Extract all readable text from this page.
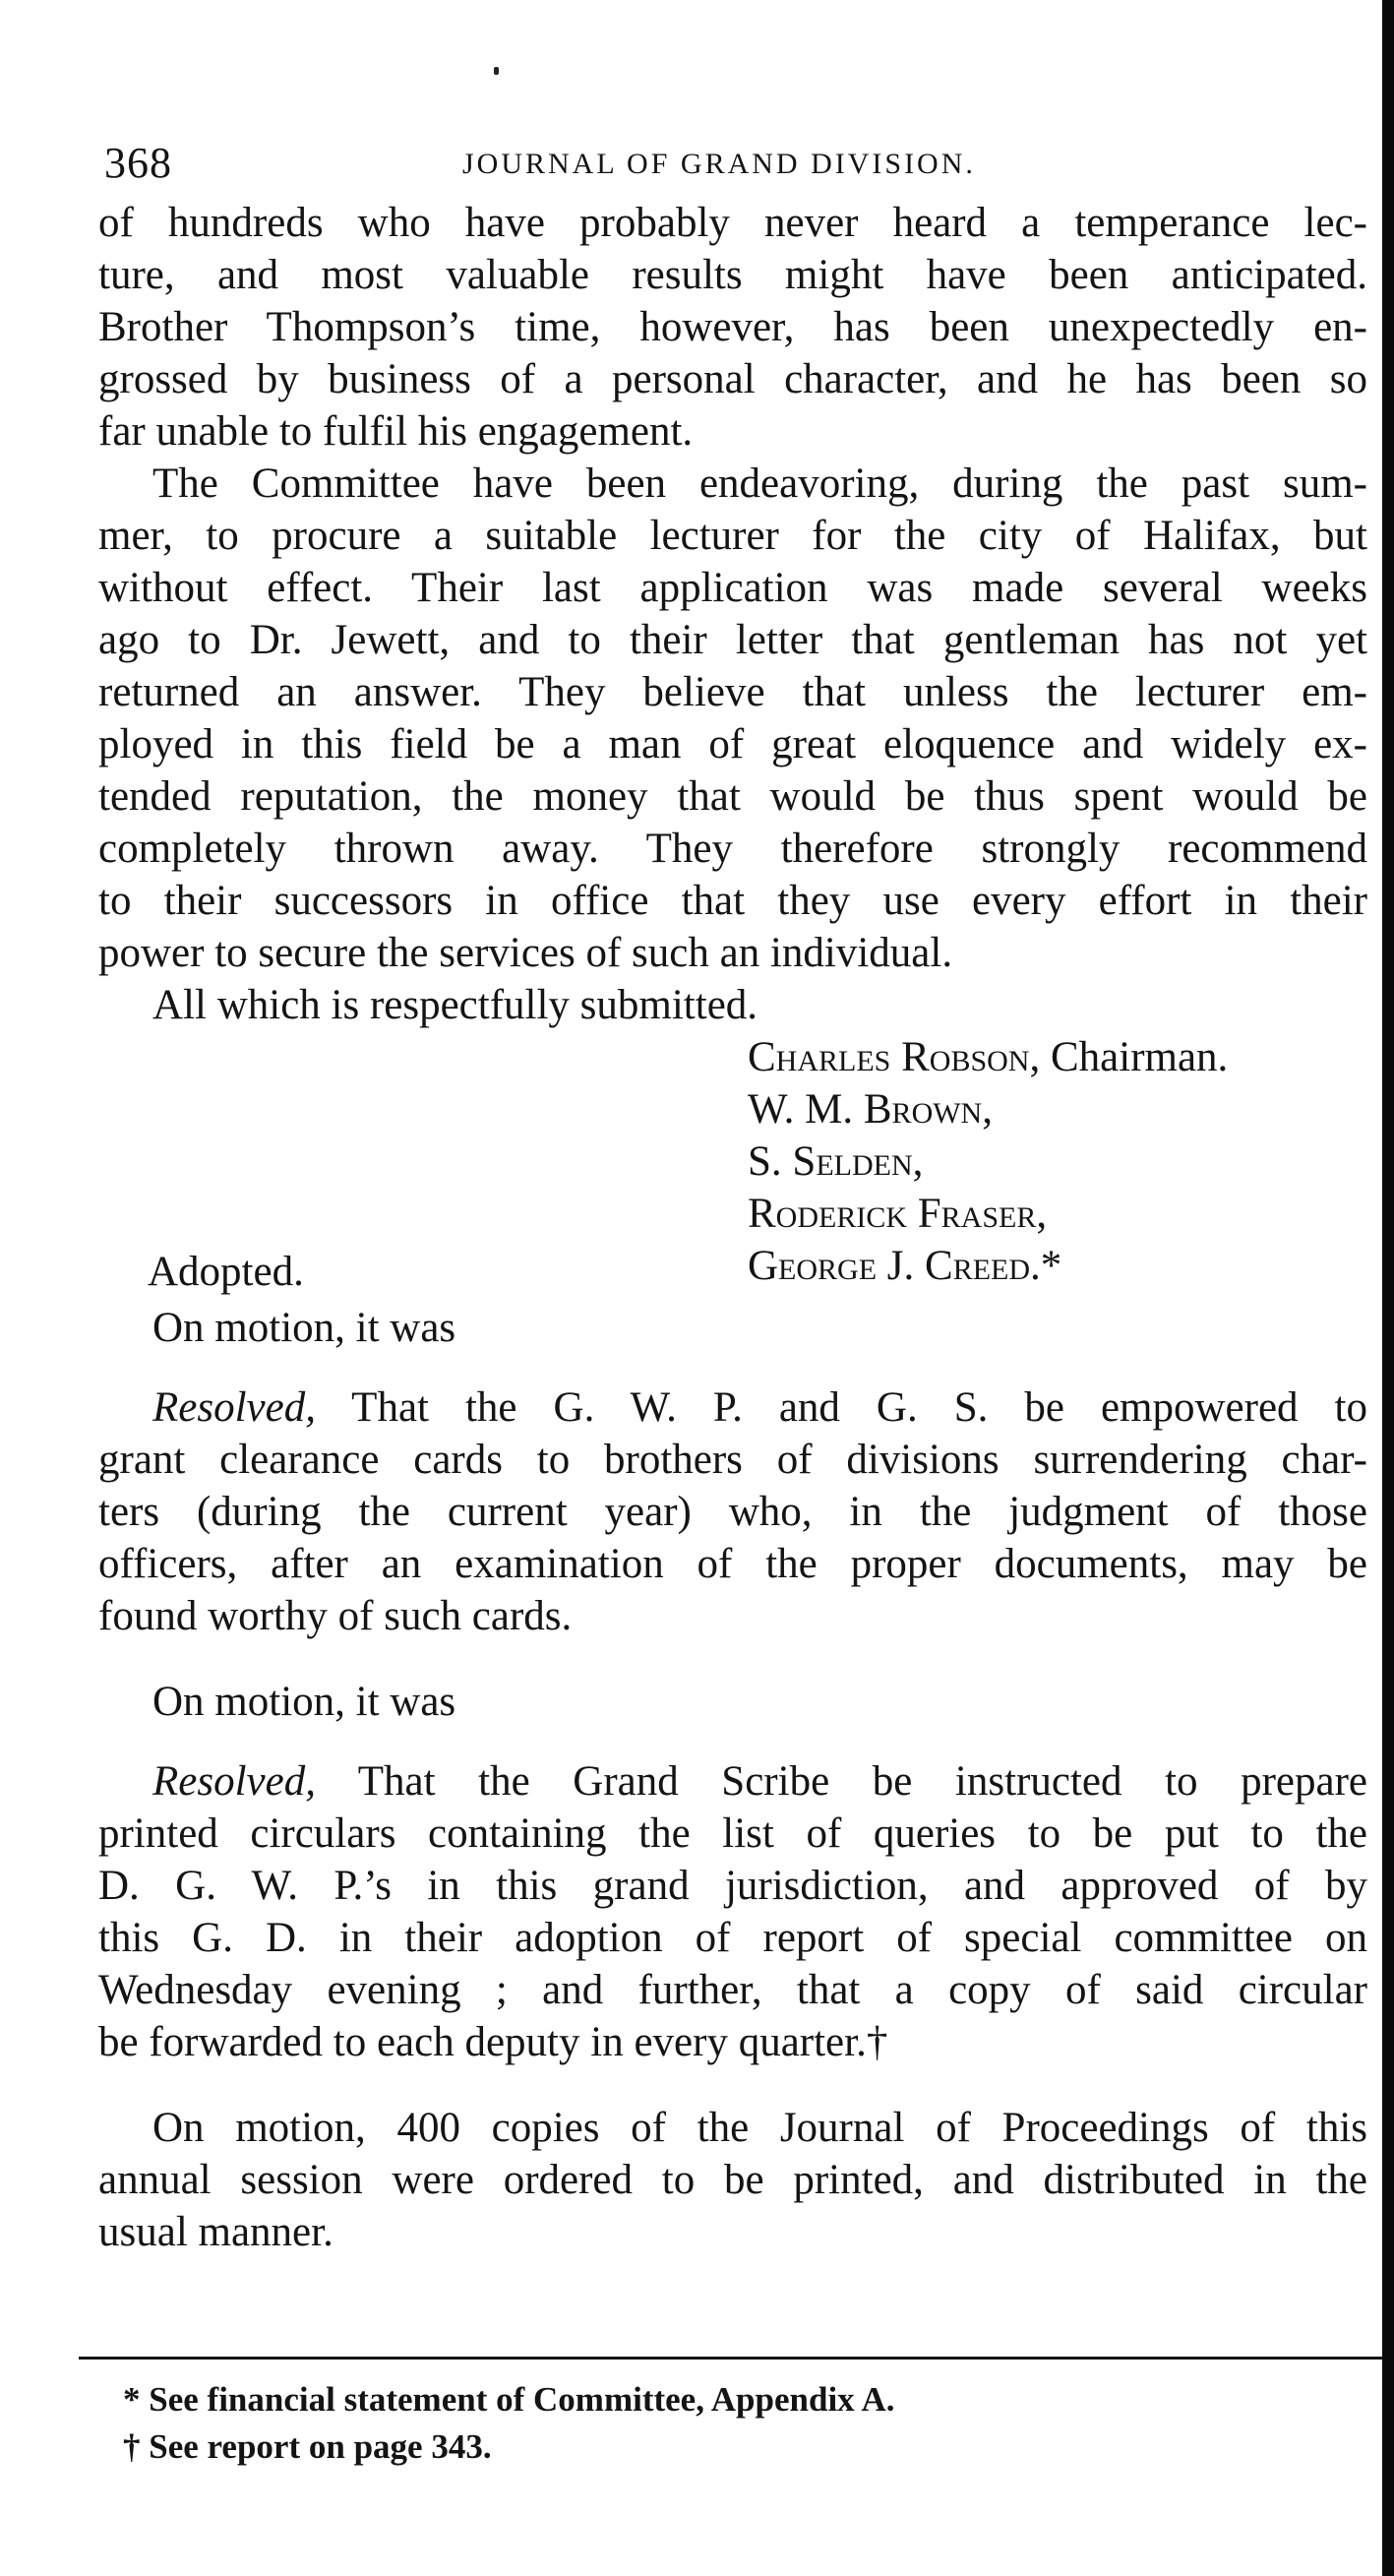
368	JOURNAL OF GRAND DIVISION.
of hundreds who have probably never heard a temperance lec-
ture, and most valuable results might have been anticipated.
Brother Thompson’s time, however, has been unexpectedly en-
grossed by business of a personal character, and he has been so
far unable to fulfil his engagement.
The Committee have been endeavoring, during the past sum-
mer, to procure a suitable lecturer for the city of Halifax, but
without effect. Their last application was made several weeks
ago to Dr. Jewett, and to their letter that gentleman has not yet
returned an answer. They believe that unless the lecturer em-
ployed in this field be a man of great eloquence and widely ex-
tended reputation, the money that would be thus spent would be
completely thrown away. They therefore strongly recommend
to their successors in office that they use every effort in their
power to secure the services of such an individual.
All which is respectfully submitted.
Charles Robson, Chairman.
W. M. Brown,
S. Selden,
Roderick Fraser,
George J. Creed.*
Adopted.
On motion, it was
Resolved, That the G. W. P. and G. S. be empowered to
grant clearance cards to brothers of divisions surrendering char-
ters (during the current year) who, in the judgment of those
officers, after an examination of the proper documents, may be
found worthy of such cards.
On motion, it was
Resolved, That the Grand Scribe be instructed to prepare
printed circulars containing the list of queries to be put to the
D. G. W. P.’s in this grand jurisdiction, and approved of by
this G. D. in their adoption of report of special committee on
Wednesday evening ; and further, that a copy of said circular
be forwarded to each deputy in every quarter.†
On motion, 400 copies of the Journal of Proceedings of this
annual session were ordered to be printed, and distributed in the
usual manner.
* See financial statement of Committee, Appendix A.
† See report on page 343.
